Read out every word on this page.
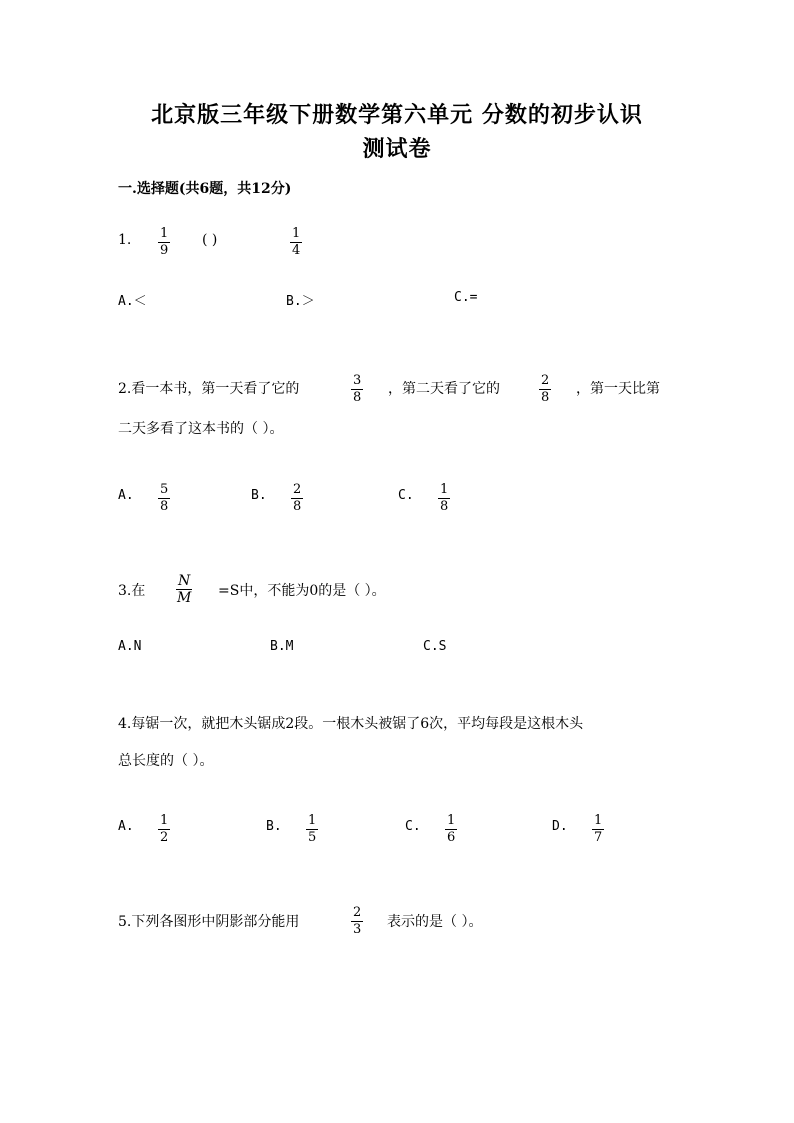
北京版三年级下册数学第六单元 分数的初步认识
测试卷
一.选择题(共6题，共12分)
1. 1
9
( )	1
4
A.＜	B.＞	C.=
2.看一本书，第一天看了它的
3
8
，第二天看了它的
2
8
，第一天比第
二天多看了这本书的（ ）。
A. 5
8
B. 2
8
C. 1
8
3.在
N
M =S中，不能为0的是（ ）。
A.N	B.M	C.S
4.每锯一次，就把木头锯成2段。一根木头被锯了6次，平均每段是这根木头
总长度的（ ）。
A. 1
2
B. 1
5
C. 1
6
D. 1
7
5.下列各图形中阴影部分能用
2
3 表示的是（ ）。
